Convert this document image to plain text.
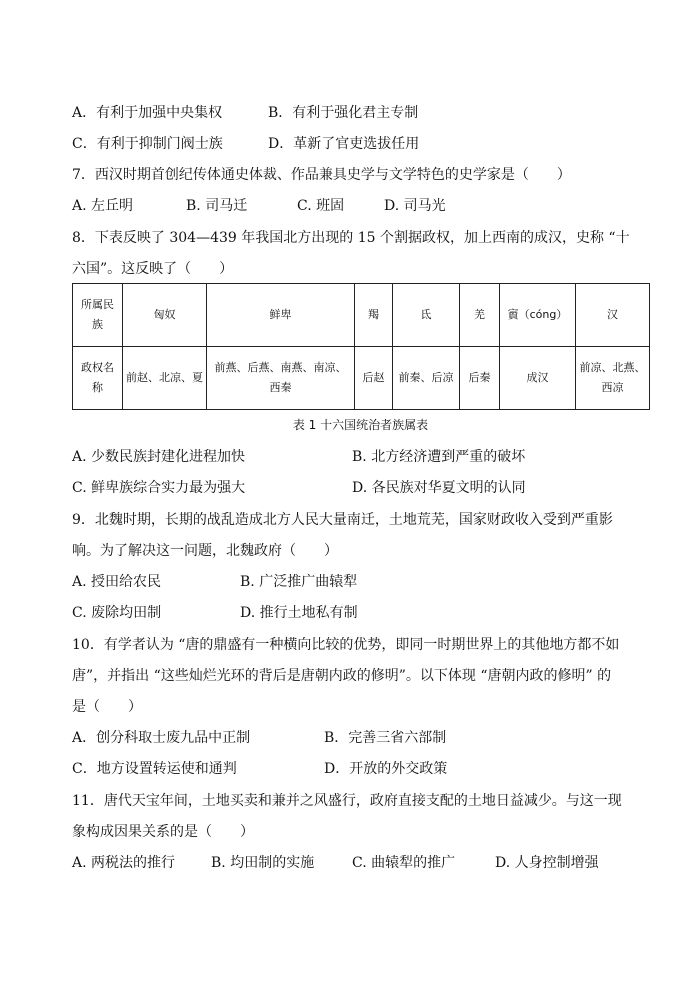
A．有利于加强中央集权	B．有利于强化君主专制
C．有利于抑制门阀士族	D．革新了官吏选拔任用
7．西汉时期首创纪传体通史体裁、作品兼具史学与文学特色的史学家是（　　）
A. 左丘明	B. 司马迁	C. 班固	D. 司马光
8．下表反映了 304—439 年我国北方出现的 15 个割据政权，加上西南的成汉，史称 “十
六国”。这反映了（　　）
所属民族	匈奴	鲜卑	羯	氐	羌	賨（cóng）	汉
政权名称	前赵、北凉、夏	前燕、后燕、南燕、南凉、西秦	后赵	前秦、后凉	后秦	成汉	前凉、北燕、西凉
表 1 十六国统治者族属表
A. 少数民族封建化进程加快	B. 北方经济遭到严重的破坏
C. 鲜卑族综合实力最为强大	D. 各民族对华夏文明的认同
9．北魏时期，长期的战乱造成北方人民大量南迁，土地荒芜，国家财政收入受到严重影
响。为了解决这一问题，北魏政府（　　）
A. 授田给农民	B. 广泛推广曲辕犁
C. 废除均田制	D. 推行土地私有制
10．有学者认为 “唐的鼎盛有一种横向比较的优势，即同一时期世界上的其他地方都不如
唐”，并指出 “这些灿烂光环的背后是唐朝内政的修明”。以下体现 “唐朝内政的修明” 的
是（　　）
A．创分科取士废九品中正制	B．完善三省六部制
C．地方设置转运使和通判	D．开放的外交政策
11．唐代天宝年间，土地买卖和兼并之风盛行，政府直接支配的土地日益减少。与这一现
象构成因果关系的是（　　）
A. 两税法的推行	B. 均田制的实施	C. 曲辕犁的推广	D. 人身控制增强
